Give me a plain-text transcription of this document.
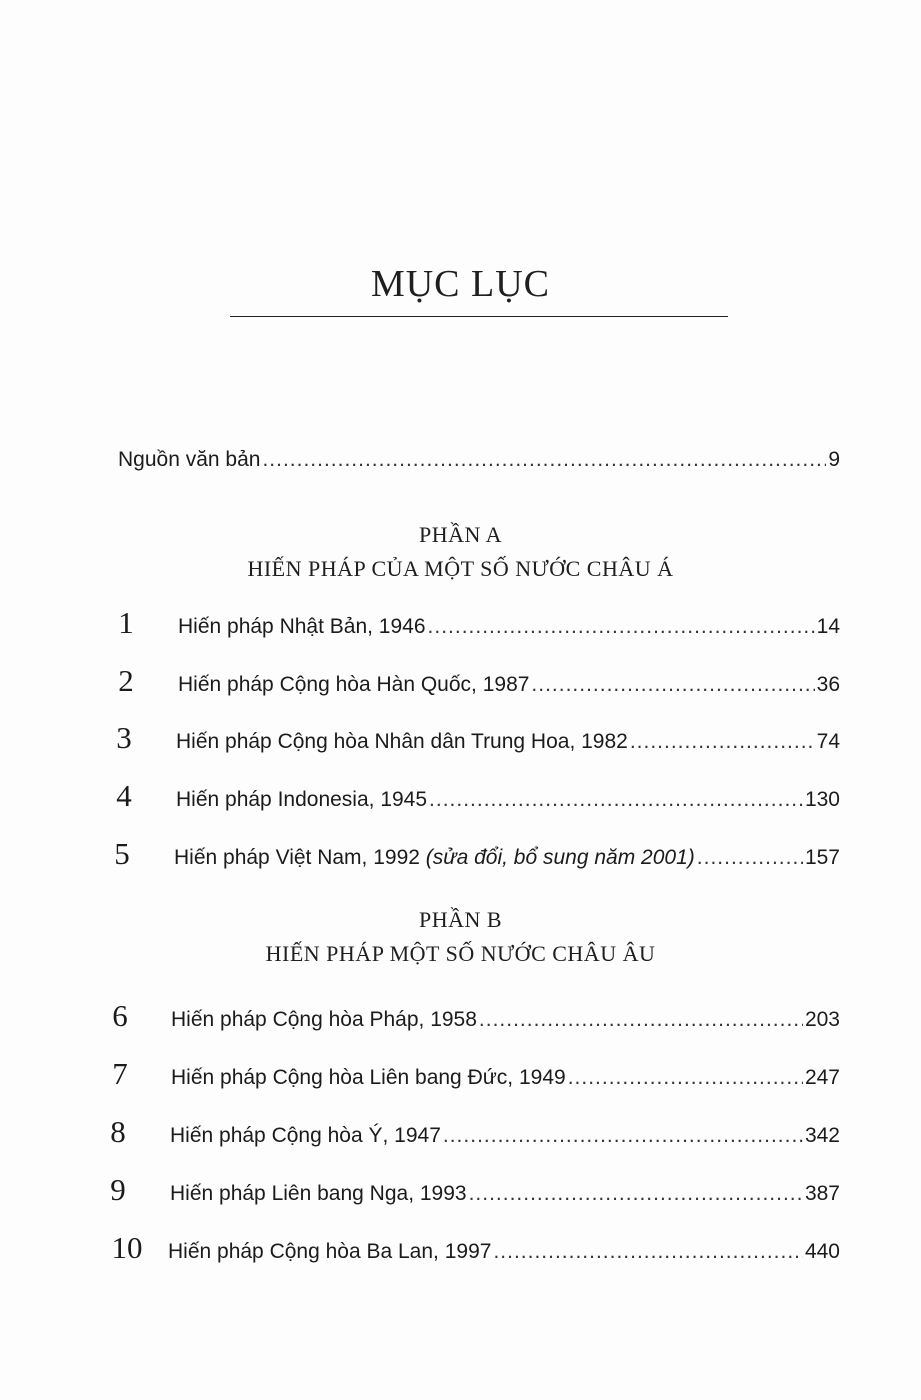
MỤC LỤC
Nguồn văn bản .....	9
PHẦN A
HIẾN PHÁP CỦA MỘT SỐ NƯỚC CHÂU Á
1	Hiến pháp Nhật Bản, 1946 .....	14
2	Hiến pháp Cộng hòa Hàn Quốc, 1987 .....	36
3	Hiến pháp Cộng hòa Nhân dân Trung Hoa, 1982 .....	74
4	Hiến pháp Indonesia, 1945 .....	130
5	Hiến pháp Việt Nam, 1992 (sửa đổi, bổ sung năm 2001) .....	157
PHẦN B
HIẾN PHÁP MỘT SỐ NƯỚC CHÂU ÂU
6	Hiến pháp Cộng hòa Pháp, 1958 .....	203
7	Hiến pháp Cộng hòa Liên bang Đức, 1949 .....	247
8	Hiến pháp Cộng hòa Ý, 1947 .....	342
9	Hiến pháp Liên bang Nga, 1993 .....	387
10 Hiến pháp Cộng hòa Ba Lan, 1997 .....	440
